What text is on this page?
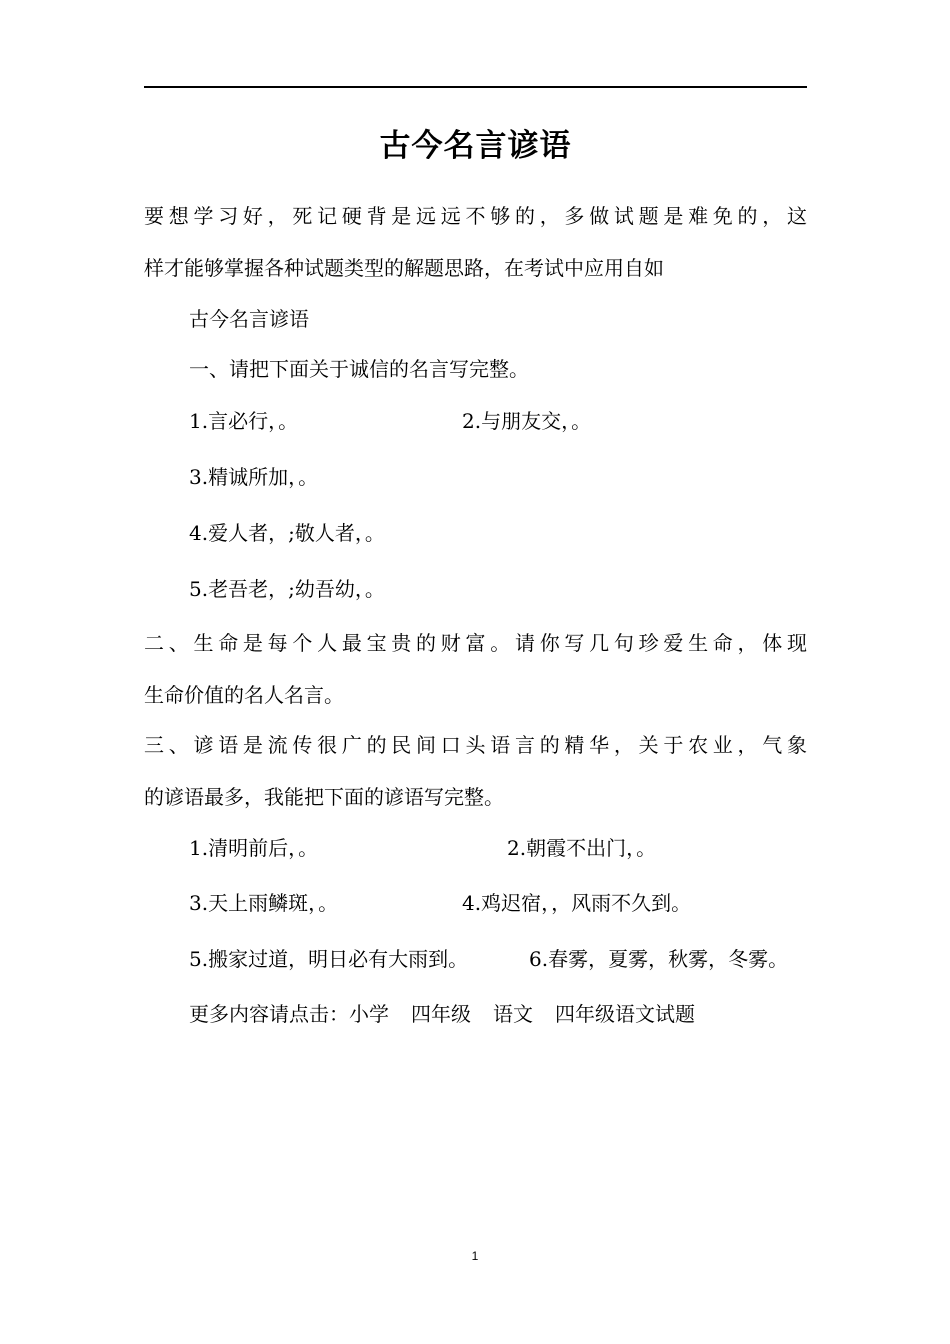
古今名言谚语
要想学习好，死记硬背是远远不够的，多做试题是难免的，这
样才能够掌握各种试题类型的解题思路，在考试中应用自如
古今名言谚语
一、请把下面关于诚信的名言写完整。
1.言必行，。	2.与朋友交，。
3.精诚所加，。
4.爱人者，;敬人者，。
5.老吾老，;幼吾幼，。
二、生命是每个人最宝贵的财富。请你写几句珍爱生命，体现
生命价值的名人名言。
三、谚语是流传很广的民间口头语言的精华，关于农业，气象
的谚语最多，我能把下面的谚语写完整。
1.清明前后，。	2.朝霞不出门，。
3.天上雨鳞斑，。	4.鸡迟宿，，风雨不久到。
5.搬家过道，明日必有大雨到。	6.春雾，夏雾，秋雾，冬雾。
更多内容请点击：小学 四年级 语文 四年级语文试题
1
